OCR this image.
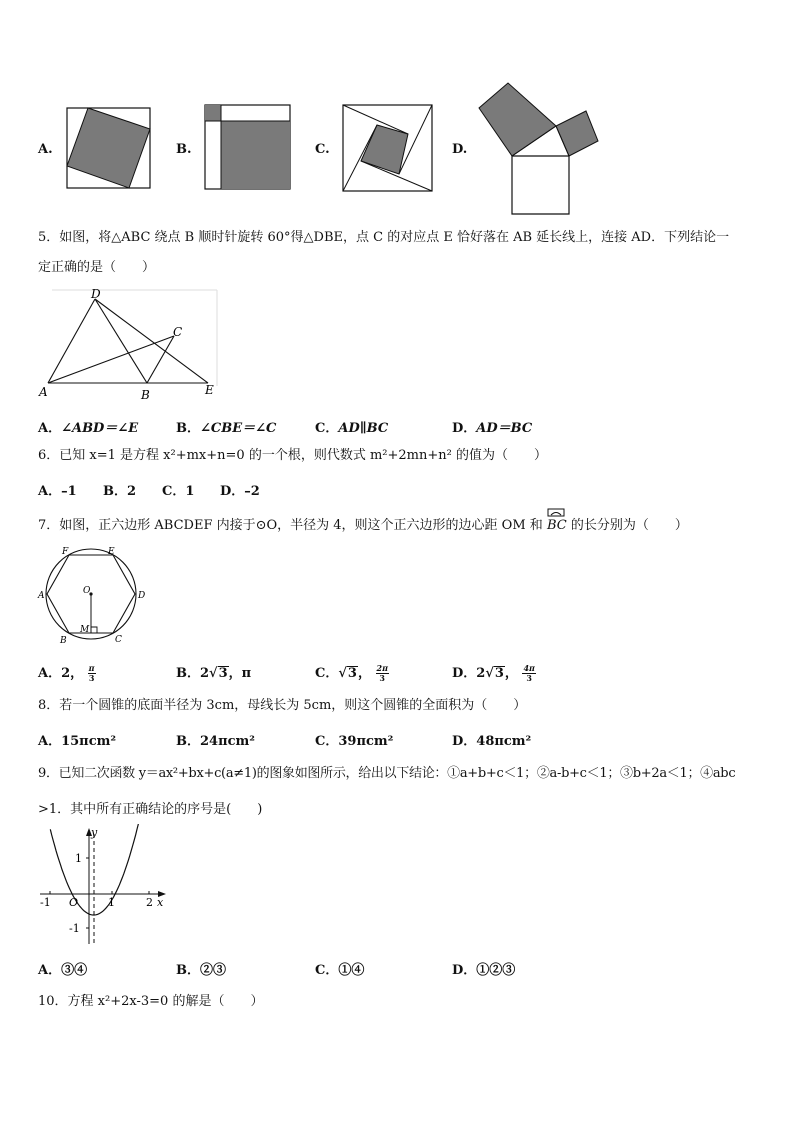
A.	B.	C.	D.
5．如图，将△ABC 绕点 B 顺时针旋转 60°得△DBE，点 C 的对应点 E 恰好落在 AB 延长线上，连接 AD．下列结论一
定正确的是（　　）
D
C
A	B	E
A．∠ABD＝∠E	B．∠CBE＝∠C	C．AD∥BC	D．AD＝BC
6．已知 x=1 是方程 x²+mx+n=0 的一个根，则代数式 m²+2mn+n² 的值为（　　）
A．–1 B．2 C．1 D．–2
7．如图，正六边形 ABCDEF 内接于⊙O，半径为 4，则这个正六边形的边心距 OM 和 BC 的长分别为（　　）
F	E
A	D
O
M
B	C
A．2， $\frac{\pi}{3}$	B．2√3，π	C．√3， $\frac{2\pi}{3}$	D．2√3， $\frac{4\pi}{3}$
8．若一个圆锥的底面半径为 3cm，母线长为 5cm，则这个圆锥的全面积为（　　）
A．15πcm²	B．24πcm²	C．39πcm²	D．48πcm²
9．已知二次函数 y＝ax²+bx+c(a≠1)的图象如图所示，给出以下结论：①a+b+c＜1；②a-b+c＜1；③b+2a＜1；④abc
>1．其中所有正确结论的序号是(　　)
y
x
O
1
-1
-1	1	2
A．③④	B．②③	C．①④	D．①②③
10．方程 x²+2x-3=0 的解是（　　）
